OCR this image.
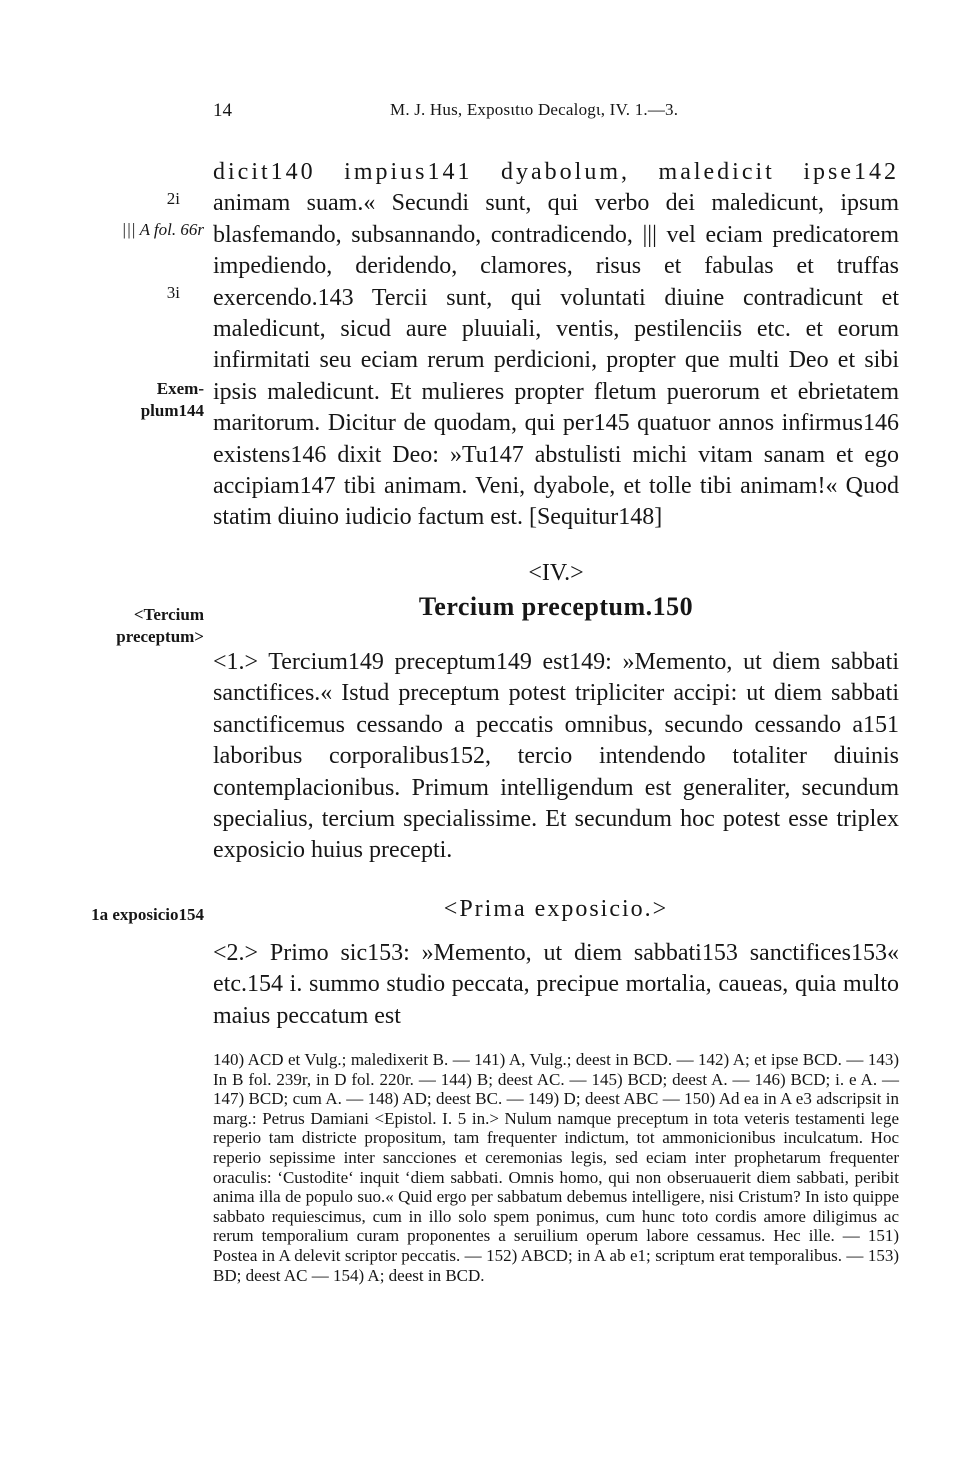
14	M. J. Hus, Exposιtιo Decalogι, IV. 1.—3.
2i
||| A fol. 66r
3i
Exem- plum144
<Tercium preceptum>
1a exposicio154
dicit140 impius141 dyabolum, maledicit ipse142 animam suam.« Secundi sunt, qui verbo dei maledicunt, ipsum blasfemando, subsannando, contradicendo, ||| vel eciam predicatorem impediendo, deridendo, clamores, risus et fabulas et truffas exercendo.143 Tercii sunt, qui voluntati diuine contradicunt et maledicunt, sicud aure pluuiali, ventis, pestilenciis etc. et eorum infirmitati seu eciam rerum perdicioni, propter que multi Deo et sibi ipsis maledicunt. Et mulieres propter fletum puerorum et ebrietatem maritorum. Dicitur de quodam, qui per145 quatuor annos infirmus146 existens146 dixit Deo: »Tu147 abstulisti michi vitam sanam et ego accipiam147 tibi animam. Veni, dyabole, et tolle tibi animam!« Quod statim diuino iudicio factum est. [Sequitur148]
<IV.>
Tercium preceptum.150
<1.> Tercium149 preceptum149 est149: »Memento, ut diem sabbati sanctifices.« Istud preceptum potest tripliciter accipi: ut diem sabbati sanctificemus cessando a peccatis omnibus, secundo cessando a151 laboribus corporalibus152, tercio intendendo totaliter diuinis contemplacionibus. Primum intelligendum est generaliter, secundum specialius, tercium specialissime. Et secundum hoc potest esse triplex exposicio huius precepti.
<Prima exposicio.>
<2.> Primo sic153: »Memento, ut diem sabbati153 sanctifices153« etc.154 i. summo studio peccata, precipue mortalia, caueas, quia multo maius peccatum est
140) ACD et Vulg.; maledixerit B. — 141) A, Vulg.; deest in BCD. — 142) A; et ipse BCD. — 143) In B fol. 239r, in D fol. 220r. — 144) B; deest AC. — 145) BCD; deest A. — 146) BCD; i. e A. — 147) BCD; cum A. — 148) AD; deest BC. — 149) D; deest ABC — 150) Ad ea in A e3 adscripsit in marg.: Petrus Damiani <Epistol. I. 5 in.> Nulum namque preceptum in tota veteris testamenti lege reperio tam districte propositum, tam frequenter indictum, tot ammonicionibus inculcatum. Hoc reperio sepissime inter sancciones et ceremonias legis, sed eciam inter prophetarum frequenter oraculis: ‘Custodite‘ inquit ‘diem sabbati. Omnis homo, qui non obseruauerit diem sabbati, peribit anima illa de populo suo.« Quid ergo per sabbatum debemus intelligere, nisi Cristum? In isto quippe sabbato requiescimus, cum in illo solo spem ponimus, cum hunc toto cordis amore diligimus ac rerum temporalium curam proponentes a seruilium operum labore cessamus. Hec ille. — 151) Postea in A delevit scriptor peccatis. — 152) ABCD; in A ab e1; scriptum erat temporalibus. — 153) BD; deest AC — 154) A; deest in BCD.
